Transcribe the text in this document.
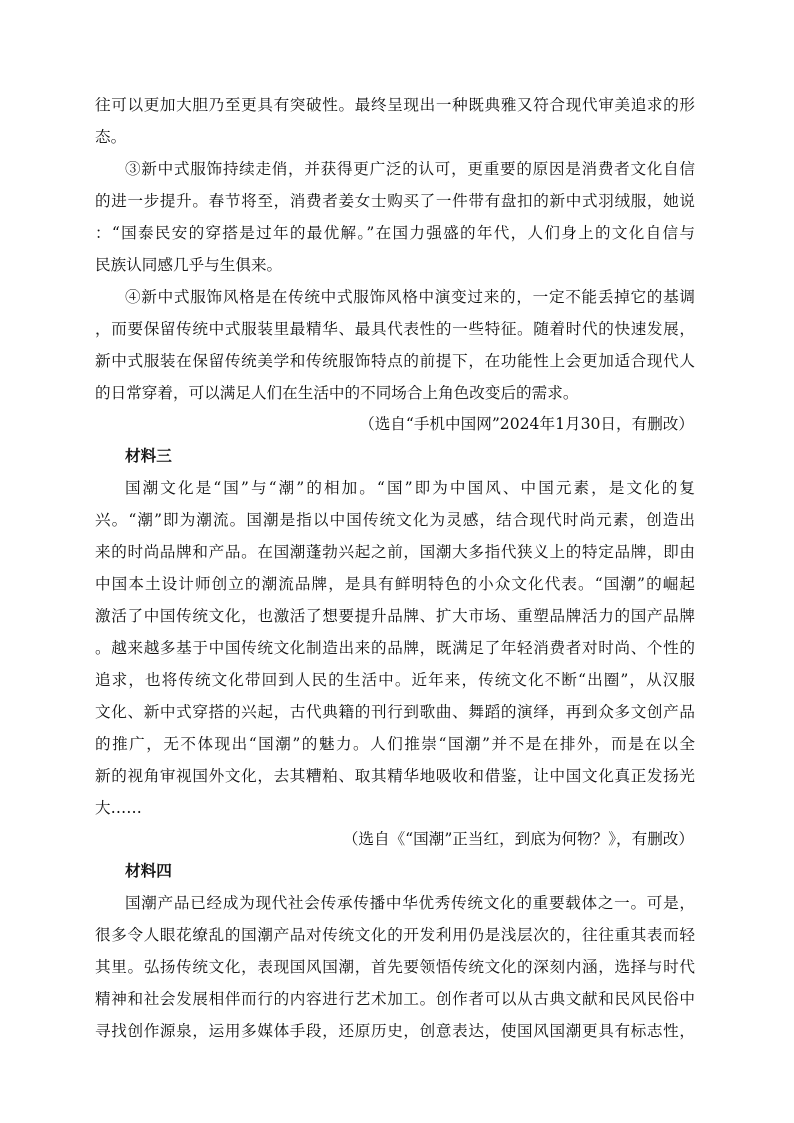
往可以更加大胆乃至更具有突破性。最终呈现出一种既典雅又符合现代审美追求的形
态。
③新中式服饰持续走俏，并获得更广泛的认可，更重要的原因是消费者文化自信
的进一步提升。春节将至，消费者姜女士购买了一件带有盘扣的新中式羽绒服，她说
：“国泰民安的穿搭是过年的最优解。”在国力强盛的年代，人们身上的文化自信与
民族认同感几乎与生俱来。
④新中式服饰风格是在传统中式服饰风格中演变过来的，一定不能丢掉它的基调
，而要保留传统中式服装里最精华、最具代表性的一些特征。随着时代的快速发展，
新中式服装在保留传统美学和传统服饰特点的前提下，在功能性上会更加适合现代人
的日常穿着，可以满足人们在生活中的不同场合上角色改变后的需求。
（选自“手机中国网”2024年1月30日，有删改）
材料三
国潮文化是“国”与“潮”的相加。“国”即为中国风、中国元素，是文化的复
兴。“潮”即为潮流。国潮是指以中国传统文化为灵感，结合现代时尚元素，创造出
来的时尚品牌和产品。在国潮蓬勃兴起之前，国潮大多指代狭义上的特定品牌，即由
中国本土设计师创立的潮流品牌，是具有鲜明特色的小众文化代表。“国潮”的崛起
激活了中国传统文化，也激活了想要提升品牌、扩大市场、重塑品牌活力的国产品牌
。越来越多基于中国传统文化制造出来的品牌，既满足了年轻消费者对时尚、个性的
追求，也将传统文化带回到人民的生活中。近年来，传统文化不断“出圈”，从汉服
文化、新中式穿搭的兴起，古代典籍的刊行到歌曲、舞蹈的演绎，再到众多文创产品
的推广，无不体现出“国潮”的魅力。人们推崇“国潮”并不是在排外，而是在以全
新的视角审视国外文化，去其糟粕、取其精华地吸收和借鉴，让中国文化真正发扬光
大……
（选自《“国潮”正当红，到底为何物？》，有删改）
材料四
国潮产品已经成为现代社会传承传播中华优秀传统文化的重要载体之一。可是，
很多令人眼花缭乱的国潮产品对传统文化的开发利用仍是浅层次的，往往重其表而轻
其里。弘扬传统文化，表现国风国潮，首先要领悟传统文化的深刻内涵，选择与时代
精神和社会发展相伴而行的内容进行艺术加工。创作者可以从古典文献和民风民俗中
寻找创作源泉，运用多媒体手段，还原历史，创意表达，使国风国潮更具有标志性，
